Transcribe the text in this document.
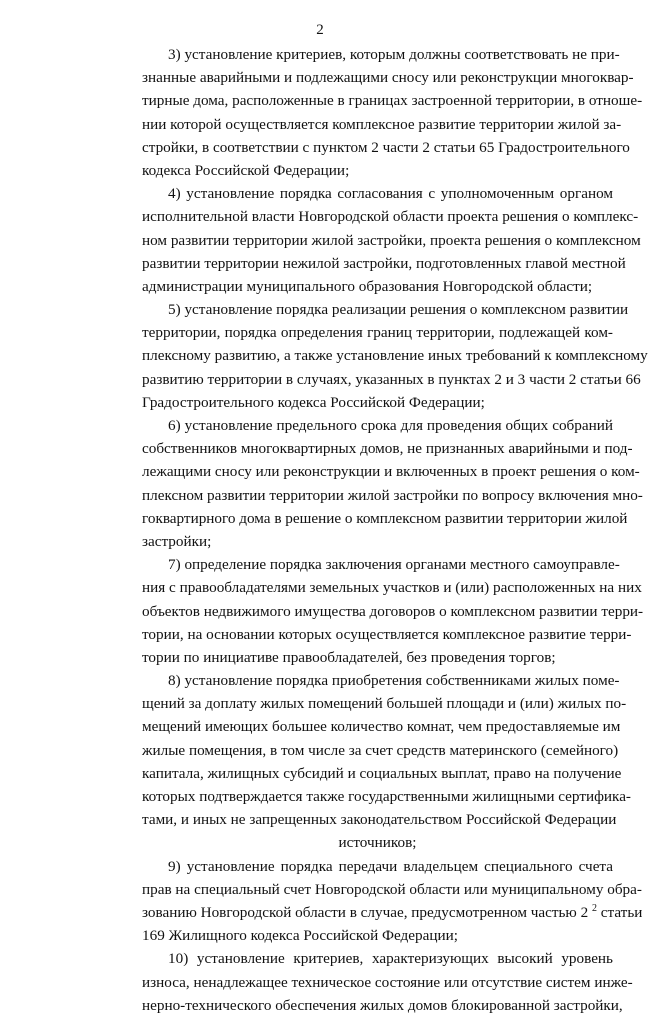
2
3) установление критериев, которым должны соответствовать не при-
знанные аварийными и подлежащими сносу или реконструкции многоквар-
тирные дома, расположенные в границах застроенной территории, в отноше-
нии которой осуществляется комплексное развитие территории жилой за-
стройки, в соответствии с пунктом 2 части 2 статьи 65 Градостроительного
кодекса Российской Федерации;
4) установление порядка согласования с уполномоченным органом
исполнительной власти Новгородской области проекта решения о комплекс-
ном развитии территории жилой застройки, проекта решения о комплексном
развитии территории нежилой застройки, подготовленных главой местной
администрации муниципального образования Новгородской области;
5) установление порядка реализации решения о комплексном развитии
территории, порядка определения границ территории, подлежащей ком-
плексному развитию, а также установление иных требований к комплексному
развитию территории в случаях, указанных в пунктах 2 и 3 части 2 статьи 66
Градостроительного кодекса Российской Федерации;
6) установление предельного срока для проведения общих собраний
собственников многоквартирных домов, не признанных аварийными и под-
лежащими сносу или реконструкции и включенных в проект решения о ком-
плексном развитии территории жилой застройки по вопросу включения мно-
гоквартирного дома в решение о комплексном развитии территории жилой
застройки;
7) определение порядка заключения органами местного самоуправле-
ния с правообладателями земельных участков и (или) расположенных на них
объектов недвижимого имущества договоров о комплексном развитии терри-
тории, на основании которых осуществляется комплексное развитие терри-
тории по инициативе правообладателей, без проведения торгов;
8) установление порядка приобретения собственниками жилых поме-
щений за доплату жилых помещений большей площади и (или) жилых по-
мещений имеющих большее количество комнат, чем предоставляемые им
жилые помещения, в том числе за счет средств материнского (семейного)
капитала, жилищных субсидий и социальных выплат, право на получение
которых подтверждается также государственными жилищными сертифика-
тами, и иных не запрещенных законодательством Российской Федерации
источников;
9) установление порядка передачи владельцем специального счета
прав на специальный счет Новгородской области или муниципальному обра-
зованию Новгородской области в случае, предусмотренном частью 2 $^2$ статьи
169 Жилищного кодекса Российской Федерации;
10) установление критериев, характеризующих высокий уровень
износа, ненадлежащее техническое состояние или отсутствие систем инже-
нерно-технического обеспечения жилых домов блокированной застройки,
